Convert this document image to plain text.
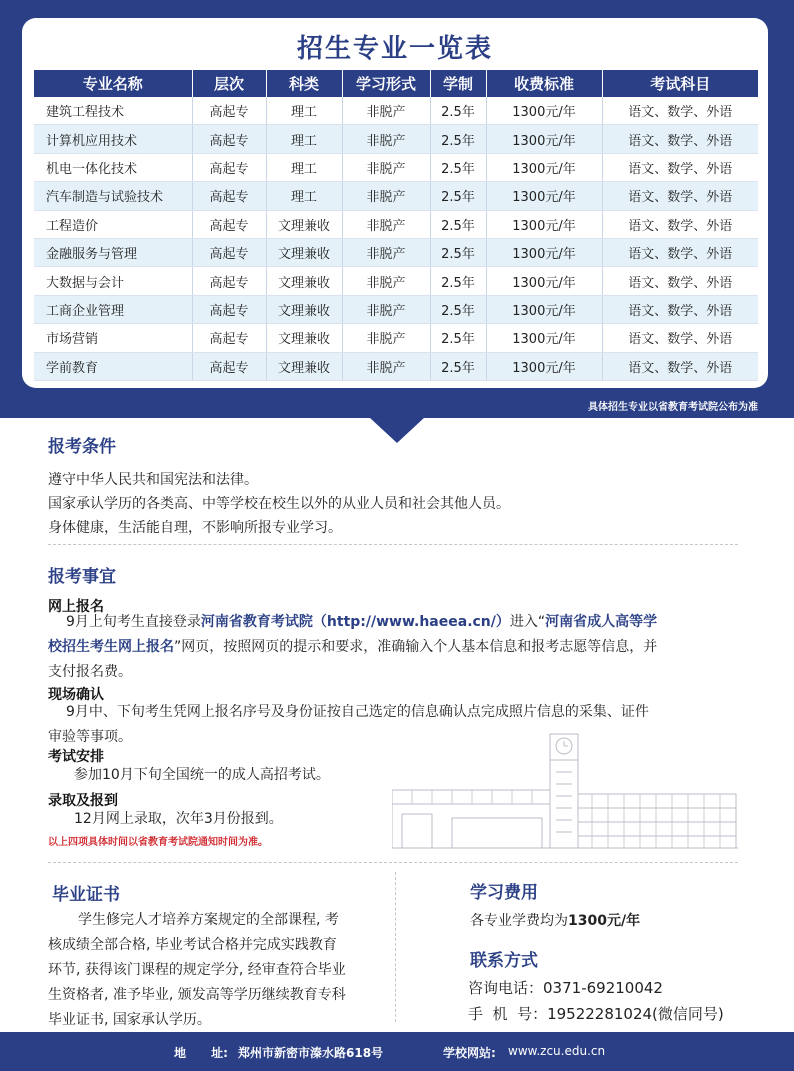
招生专业一览表
专业名称	层次	科类	学习形式	学制	收费标准	考试科目
建筑工程技术	高起专	理工	非脱产	2.5年	1300元/年	语文、数学、外语
计算机应用技术	高起专	理工	非脱产	2.5年	1300元/年	语文、数学、外语
机电一体化技术	高起专	理工	非脱产	2.5年	1300元/年	语文、数学、外语
汽车制造与试验技术	高起专	理工	非脱产	2.5年	1300元/年	语文、数学、外语
工程造价	高起专	文理兼收	非脱产	2.5年	1300元/年	语文、数学、外语
金融服务与管理	高起专	文理兼收	非脱产	2.5年	1300元/年	语文、数学、外语
大数据与会计	高起专	文理兼收	非脱产	2.5年	1300元/年	语文、数学、外语
工商企业管理	高起专	文理兼收	非脱产	2.5年	1300元/年	语文、数学、外语
市场营销	高起专	文理兼收	非脱产	2.5年	1300元/年	语文、数学、外语
学前教育	高起专	文理兼收	非脱产	2.5年	1300元/年	语文、数学、外语
具体招生专业以省教育考试院公布为准
报考条件
遵守中华人民共和国宪法和法律。
国家承认学历的各类高、中等学校在校生以外的从业人员和社会其他人员。
身体健康，生活能自理，不影响所报专业学习。
报考事宜
网上报名
9月上旬考生直接登录河南省教育考试院（http://www.haeea.cn/）进入“河南省成人高等学
校招生考生网上报名”网页，按照网页的提示和要求，准确输入个人基本信息和报考志愿等信息，并
支付报名费。
现场确认
9月中、下旬考生凭网上报名序号及身份证按自己选定的信息确认点完成照片信息的采集、证件
审验等事项。
考试安排
参加10月下旬全国统一的成人高招考试。
录取及报到
12月网上录取，次年3月份报到。
以上四项具体时间以省教育考试院通知时间为准。
毕业证书
学生修完人才培养方案规定的全部课程, 考
核成绩全部合格, 毕业考试合格并完成实践教育
环节, 获得该门课程的规定学分, 经审查符合毕业
生资格者, 准予毕业, 颁发高等学历继续教育专科
毕业证书, 国家承认学历。
学习费用
各专业学费均为1300元/年
联系方式
咨询电话：0371-69210042
手  机  号：19522281024(微信同号)
地      址: 郑州市新密市溱水路618号	学校网站: www.zcu.edu.cn
